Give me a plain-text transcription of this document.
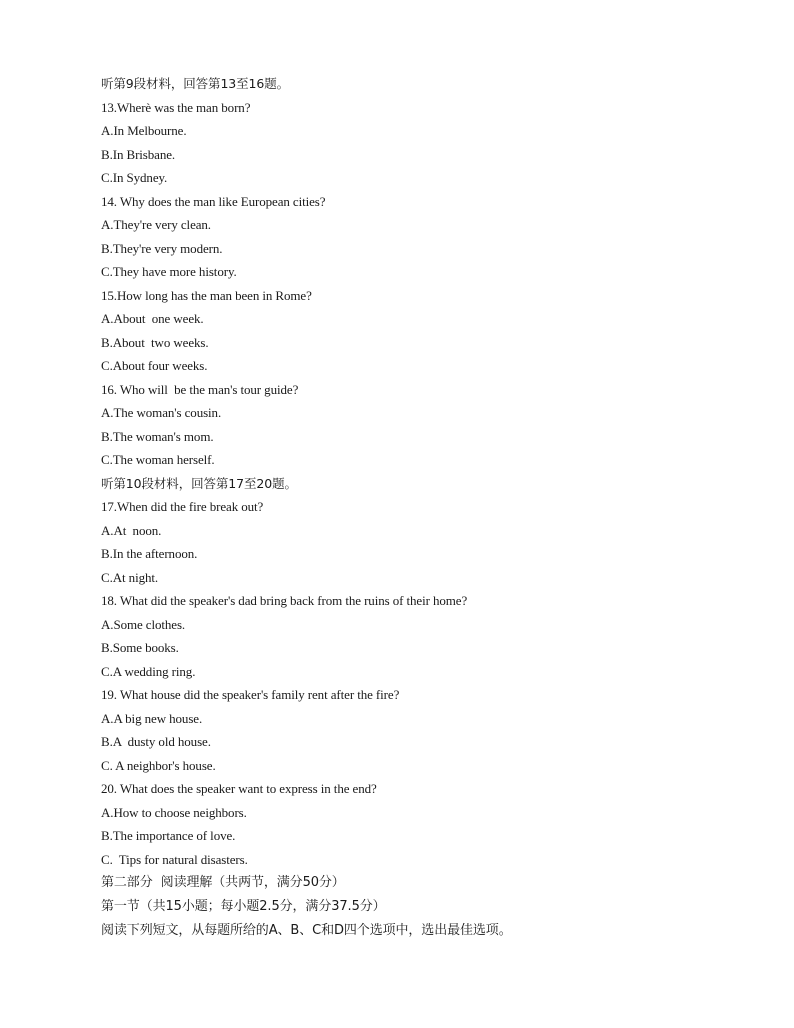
听第9段材料，回答第13至16题。
13.Wherè was the man born?
A.In Melbourne.
B.In Brisbane.
C.In Sydney.
14. Why does the man like European cities?
A.They're very clean.
B.They're very modern.
C.They have more history.
15.How long has the man been in Rome?
A.About  one week.
B.About  two weeks.
C.About four weeks.
16. Who will  be the man's tour guide?
A.The woman's cousin.
B.The woman's mom.
C.The woman herself.
听第10段材料，回答第17至20题。
17.When did the fire break out?
A.At  noon.
B.In the afternoon.
C.At night.
18. What did the speaker's dad bring back from the ruins of their home?
A.Some clothes.
B.Some books.
C.A wedding ring.
19. What house did the speaker's family rent after the fire?
A.A big new house.
B.A  dusty old house.
C. A neighbor's house.
20. What does the speaker want to express in the end?
A.How to choose neighbors.
B.The importance of love.
C.  Tips for natural disasters.
第二部分  阅读理解（共两节，满分50分）
第一节（共15小题；每小题2.5分，满分37.5分）
阅读下列短文，从每题所给的A、B、C和D四个选项中，选出最佳选项。
